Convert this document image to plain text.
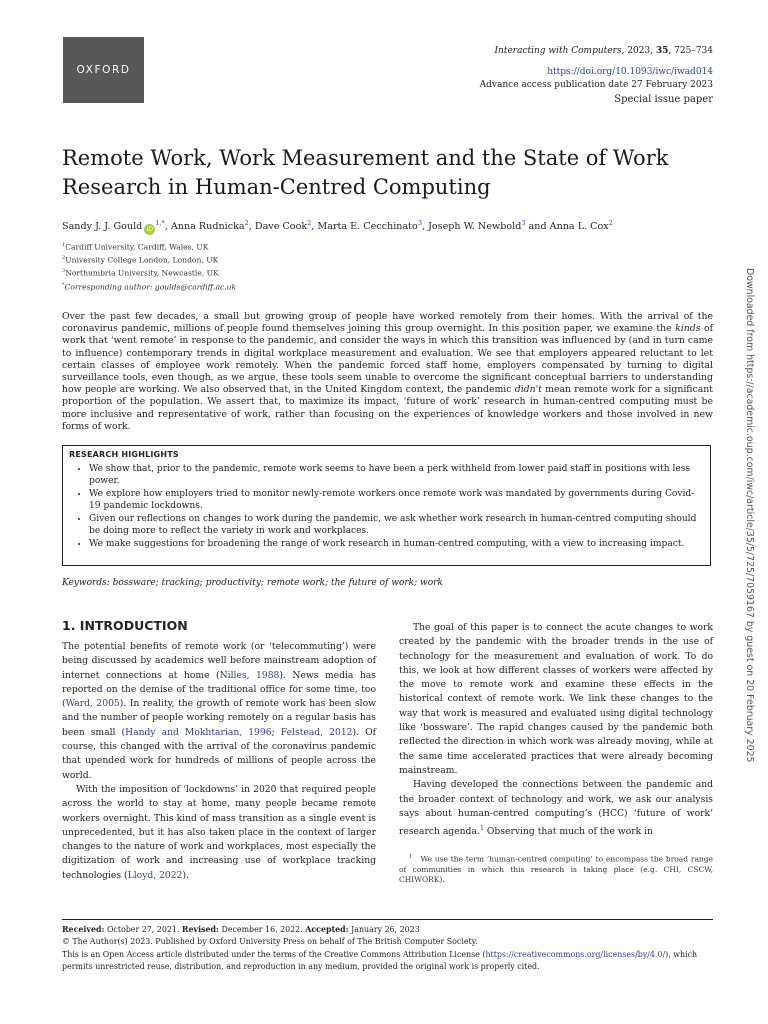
OXFORD
Interacting with Computers, 2023, 35, 725–734
https://doi.org/10.1093/iwc/iwad014
Advance access publication date 27 February 2023
Special issue paper
Remote Work, Work Measurement and the State of Work
Research in Human-Centred Computing
Sandy J. J. Gould $iD^{1,*}$, Anna Rudnicka$^2$, Dave Cook$^2$, Marta E. Cecchinato$^3$, Joseph W. Newbold$^3$ and Anna L. Cox$^2$
$^1$Cardiff University, Cardiff, Wales, UK
$^2$University College London, London, UK
$^3$Northumbria University, Newcastle, UK
*Corresponding author: goulds@cardiff.ac.uk	Downloaded from https://academic.oup.com/iwc/article/35/5/725/7059167 by guest on 20 February 2025
Over the past few decades, a small but growing group of people have worked remotely from their homes. With the arrival of the coronavirus pandemic, millions of people found themselves joining this group overnight. In this position paper, we examine the kinds of work that ‘went remote’ in response to the pandemic, and consider the ways in which this transition was influenced by (and in turn came to influence) contemporary trends in digital workplace measurement and evaluation. We see that employers appeared reluctant to let certain classes of employee work remotely. When the pandemic forced staff home, employers compensated by turning to digital surveillance tools, even though, as we argue, these tools seem unable to overcome the significant conceptual barriers to understanding how people are working. We also observed that, in the United Kingdom context, the pandemic didn't mean remote work for a significant proportion of the population. We assert that, to maximize its impact, ‘future of work’ research in human-centred computing must be more inclusive and representative of work, rather than focusing on the experiences of knowledge workers and those involved in new forms of work.
RESEARCH HIGHLIGHTS
• We show that, prior to the pandemic, remote work seems to have been a perk withheld from lower paid staff in positions with less power.
• We explore how employers tried to monitor newly-remote workers once remote work was mandated by governments during Covid-19 pandemic lockdowns.
• Given our reflections on changes to work during the pandemic, we ask whether work research in human-centred computing should be doing more to reflect the variety in work and workplaces.
• We make suggestions for broadening the range of work research in human-centred computing, with a view to increasing impact.
Keywords: bossware; tracking; productivity; remote work; the future of work; work
1. INTRODUCTION

The potential benefits of remote work (or ‘telecommuting’) were being discussed by academics well before mainstream adoption of internet connections at home (Nilles, 1988). News media has reported on the demise of the traditional office for some time, too (Ward, 2005). In reality, the growth of remote work has been slow and the number of people working remotely on a regular basis has been small (Handy and Mokhtarian, 1996; Felstead, 2012). Of course, this changed with the arrival of the coronavirus pandemic that upended work for hundreds of millions of people across the world.

With the imposition of ‘lockdowns’ in 2020 that required people across the world to stay at home, many people became remote workers overnight. This kind of mass transition as a single event is unprecedented, but it has also taken place in the context of larger changes to the nature of work and workplaces, most especially the digitization of work and increasing use of workplace tracking technologies (Lloyd, 2022).

The goal of this paper is to connect the acute changes to work created by the pandemic with the broader trends in the use of technology for the measurement and evaluation of work. To do this, we look at how different classes of workers were affected by the move to remote work and examine these effects in the historical context of remote work. We link these changes to the way that work is measured and evaluated using digital technology like ‘bossware’. The rapid changes caused by the pandemic both reflected the direction in which work was already moving, while at the same time accelerated practices that were already becoming mainstream.

Having developed the connections between the pandemic and the broader context of technology and work, we ask our analysis says about human-centred computing’s (HCC) ‘future of work’ research agenda.$^1$ Observing that much of the work in

$^1$ We use the term ‘human-centred computing’ to encompass the broad range of communities in which this research is taking place (e.g. CHI, CSCW, CHIWORK).
Received: October 27, 2021. Revised: December 16, 2022. Accepted: January 26, 2023
© The Author(s) 2023. Published by Oxford University Press on behalf of The British Computer Society.
This is an Open Access article distributed under the terms of the Creative Commons Attribution License (https://creativecommons.org/licenses/by/4.0/), which
permits unrestricted reuse, distribution, and reproduction in any medium, provided the original work is properly cited.
